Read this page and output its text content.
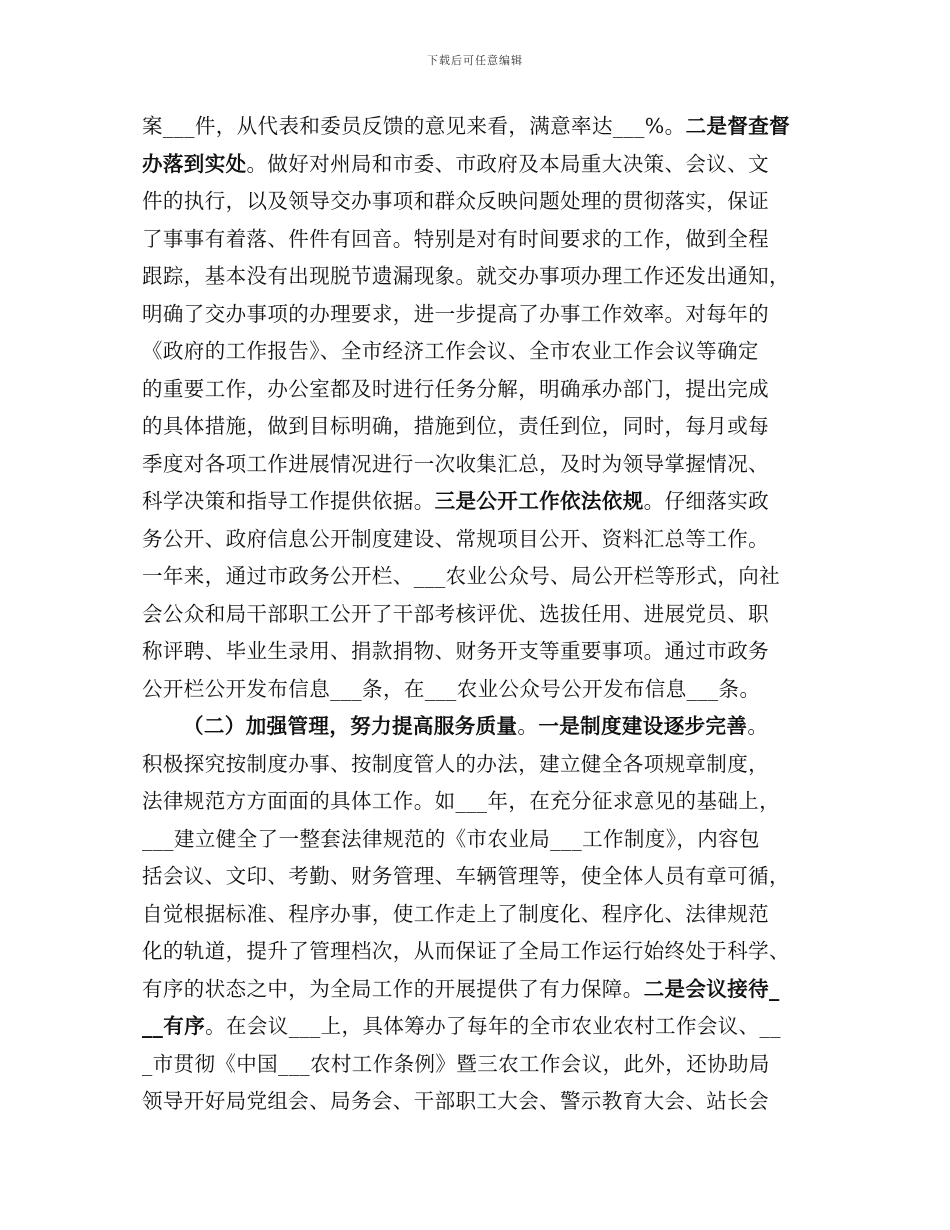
下载后可任意编辑
案___件，从代表和委员反馈的意见来看，满意率达___%。二是督查督
办落到实处。做好对州局和市委、市政府及本局重大决策、会议、文
件的执行，以及领导交办事项和群众反映问题处理的贯彻落实，保证
了事事有着落、件件有回音。特别是对有时间要求的工作，做到全程
跟踪，基本没有出现脱节遗漏现象。就交办事项办理工作还发出通知，
明确了交办事项的办理要求，进一步提高了办事工作效率。对每年的
《政府的工作报告》、全市经济工作会议、全市农业工作会议等确定
的重要工作，办公室都及时进行任务分解，明确承办部门，提出完成
的具体措施，做到目标明确，措施到位，责任到位，同时，每月或每
季度对各项工作进展情况进行一次收集汇总，及时为领导掌握情况、
科学决策和指导工作提供依据。三是公开工作依法依规。仔细落实政
务公开、政府信息公开制度建设、常规项目公开、资料汇总等工作。
一年来，通过市政务公开栏、___农业公众号、局公开栏等形式，向社
会公众和局干部职工公开了干部考核评优、选拔任用、进展党员、职
称评聘、毕业生录用、捐款捐物、财务开支等重要事项。通过市政务
公开栏公开发布信息___条，在___农业公众号公开发布信息___条。
（二）加强管理，努力提高服务质量。一是制度建设逐步完善。
积极探究按制度办事、按制度管人的办法，建立健全各项规章制度，
法律规范方方面面的具体工作。如___年，在充分征求意见的基础上，
___建立健全了一整套法律规范的《市农业局___工作制度》，内容包
括会议、文印、考勤、财务管理、车辆管理等，使全体人员有章可循，
自觉根据标准、程序办事，使工作走上了制度化、程序化、法律规范
化的轨道，提升了管理档次，从而保证了全局工作运行始终处于科学、
有序的状态之中，为全局工作的开展提供了有力保障。二是会议接待_
__有序。在会议___上，具体筹办了每年的全市农业农村工作会议、__
_市贯彻《中国___农村工作条例》暨三农工作会议，此外，还协助局
领导开好局党组会、局务会、干部职工大会、警示教育大会、站长会
